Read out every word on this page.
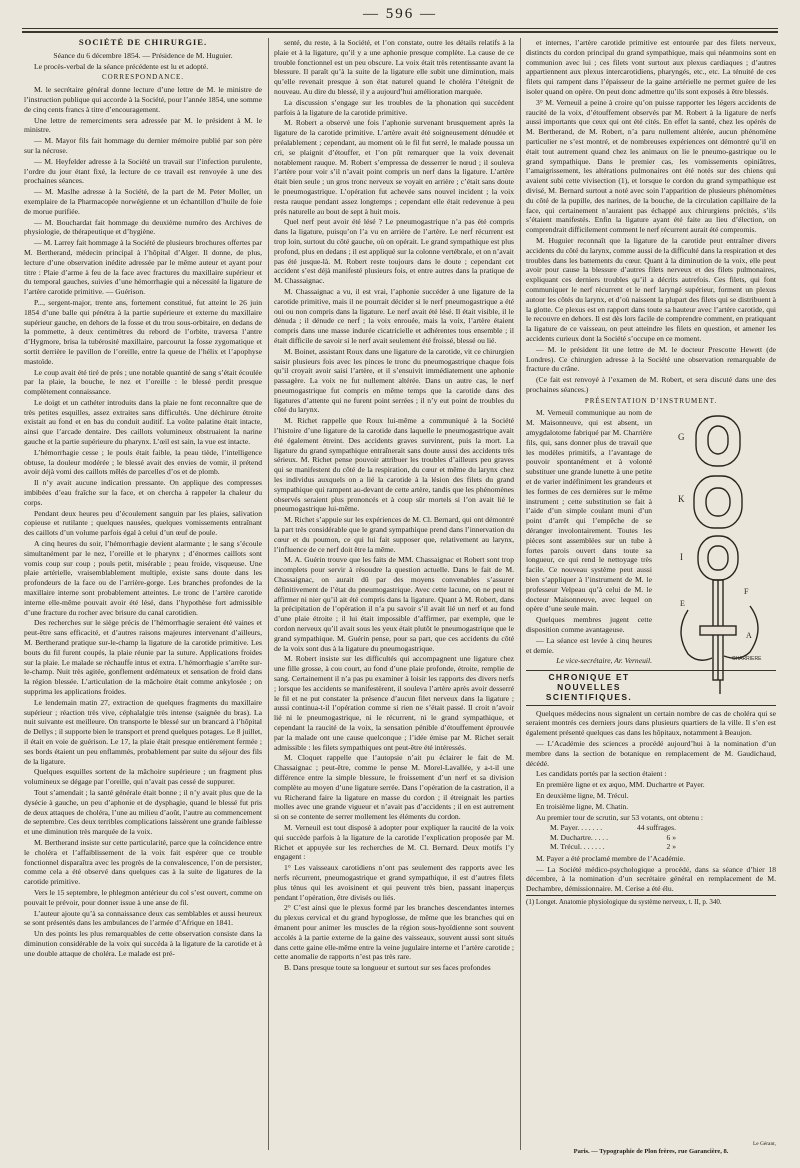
— 596 —
SOCIÉTÉ DE CHIRURGIE.

Séance du 6 décembre 1854. — Présidence de M. Huguier.

Le procès-verbal de la séance précédente est lu et adopté.

CORRESPONDANCE.

M. le secrétaire général donne lecture d’une lettre de M. le ministre de l’instruction publique qui accorde à la Société, pour l’année 1854, une somme de cinq cents francs à titre d’encouragement.

Une lettre de remerciments sera adressée par M. le président à M. le ministre.

— M. Mayor fils fait hommage du dernier mémoire publié par son père sur la nécrose.

— M. Heyfelder adresse à la Société un travail sur l’infection purulente, l’ordre du jour étant fixé, la lecture de ce travail est renvoyée à une des prochaines séances.

— M. Maslhe adresse à la Société, de la part de M. Peter Moller, un exemplaire de la Pharmacopée norwégienne et un échantillon d’huile de foie de morue purifiée.

— M. Bouchardat fait hommage du deuxième numéro des Archives de physiologie, de thérapeutique et d’hygiène.

— M. Larrey fait hommage à la Société de plusieurs brochures offertes par M. Bertherand, médecin principal à l’hôpital d’Alger. Il donne, de plus, lecture d’une observation inédite adressée par le même auteur et ayant pour titre : Plaie d’arme à feu de la face avec fractures du maxillaire supérieur et du temporal gauches, suivies d’une hémorrhagie qui a nécessité la ligature de l’artère carotide primitive. — Guérison.

P..., sergent-major, trente ans, fortement constitué, fut atteint le 26 juin 1854 d’une balle qui pénétra à la partie supérieure et externe du maxillaire supérieur gauche, en dehors de la fosse et du trou sous-orbitaire, en dedans de la pommette, à deux centimètres du rebord de l’orbite, traversa l’antre d’Hygmore, brisa la tubérosité maxillaire, parcourut la fosse zygomatique et sortit derrière le pavillon de l’oreille, entre la queue de l’hélix et l’apophyse mastoïde.

Le coup avait été tiré de près ; une notable quantité de sang s’était écoulée par la plaie, la bouche, le nez et l’oreille : le blessé perdit presque complètement connaissance.

Le doigt et un cathéter introduits dans la plaie ne font reconnaître que de très petites esquilles, assez extraites sans difficultés. Une déchirure étroite existait au fond et en bas du conduit auditif. La voûte palatine était intacte, ainsi que l’arcade dentaire. Des caillots volumineux obstruaient la narine gauche et la partie supérieure du pharynx. L’œil est sain, la vue est intacte.

L’hémorrhagie cesse ; le pouls était faible, la peau tiède, l’intelligence obtuse, la douleur modérée ; le blessé avait des envies de vomir, il prétend avoir déjà vomi des caillots mêlés de parcelles d’os et de plomb.

Il n’y avait aucune indication pressante. On applique des compresses imbibées d’eau fraîche sur la face, et on chercha à rappeler la chaleur du corps.

Pendant deux heures peu d’écoulement sanguin par les plaies, salivation copieuse et rutilante ; quelques nausées, quelques vomissements entraînant des caillots d’un volume parfois égal à celui d’un œuf de poule.

A cinq heures du soir, l’hémorrhagie devient alarmante ; le sang s’écoule simultanément par le nez, l’oreille et le pharynx ; d’énormes caillots sont vomis coup sur coup ; pouls petit, misérable ; peau froide, visqueuse. Une plaie artérielle, vraisemblablement multiple, existe sans doute dans les profondeurs de la face ou de l’arrière-gorge. Les branches profondes de la maxillaire interne sont probablement atteintes. Le tronc de l’artère carotide interne elle-même pouvait avoir été lésé, dans l’hypothèse fort admissible d’une fracture du rocher avec brisure du canal carotidien.

Des recherches sur le siège précis de l’hémorrhagie seraient été vaines et peut-être sans efficacité, et d’autres raisons majeures intervenant d’ailleurs, M. Bertherand pratique sur-le-champ la ligature de la carotide primitive. Les bouts du fil furent coupés, la plaie réunie par la suture. Applications froides sur la plaie. Le malade se réchauffe intus et extra. L’hémorrhagie s’arrête sur-le-champ. Nuit très agitée, gonflement œdémateux et sensation de froid dans la région blessée. L’articulation de la mâchoire était comme ankylosée ; on supprima les applications froides.

Le lendemain matin 27, extraction de quelques fragments du maxillaire supérieur ; réaction très vive, céphalalgie très intense (saignée du bras). La nuit suivante est meilleure. On transporte le blessé sur un brancard à l’hôpital de Dellys ; il supporte bien le transport et prend quelques potages. Le 8 juillet, il était en voie de guérison. Le 17, la plaie était presque entièrement fermée ; ses bords étaient un peu enflammés, probablement par suite du séjour des fils de la ligature.

Quelques esquilles sortent de la mâchoire supérieure ; un fragment plus volumineux se dégage par l’oreille, qui n’avait pas cessé de suppurer.

Tout s’amendait ; la santé générale était bonne ; il n’y avait plus que de la dysécie à gauche, un peu d’aphonie et de dysphagie, quand le blessé fut pris de deux attaques de choléra, l’une au milieu d’août, l’autre au commencement de septembre. Ces deux terribles complications laissèrent une grande faiblesse et une diminution très marquée de la voix.

M. Bertherand insiste sur cette particularité, parce que la coïncidence entre le choléra et l’affaiblissement de la voix fait espérer que ce trouble fonctionnel disparaîtra avec les progrès de la convalescence, l’on de persister, comme cela a été observé dans quelques cas à la suite de ligatures de la carotide primitive.

Vers le 15 septembre, le phlegmon antérieur du col s’est ouvert, comme on pouvait le prévoir, pour donner issue à une anse de fil.

L’auteur ajoute qu’à sa connaissance deux cas semblables et aussi heureux se sont présentés dans les ambulances de l’armée d’Afrique en 1841.

Un des points les plus remarquables de cette observation consiste dans la diminution considérable de la voix qui succéda à la ligature de la carotide et à une double attaque de choléra. Le malade est pré-

senté, du reste, à la Société, et l’on constate, outre les détails relatifs à la plaie et à la ligature, qu’il y a une aphonie presque complète. La cause de ce trouble fonctionnel est un peu obscure. La voix était très retentissante avant la blessure. Il paraît qu’à la suite de la ligature elle subit une diminution, mais qu’elle revenait presque à son état naturel quand le choléra l’éteignit de nouveau. Au dire du blessé, il y a aujourd’hui amélioration marquée.

La discussion s’engage sur les troubles de la phonation qui succèdent parfois à la ligature de la carotide primitive.

M. Robert a observé une fois l’aphonie survenant brusquement après la ligature de la carotide primitive. L’artère avait été soigneusement dénudée et préalablement ; cependant, au moment où le fil fut serré, le malade poussa un cri, se plaignit d’étouffer, et l’on pût remarquer que la voix devenait notablement rauque. M. Robert s’empressa de desserrer le nœud ; il souleva l’artère pour voir s’il n’avait point compris un nerf dans la ligature. L’artère était bien seule ; un gros tronc nerveux se voyait en arrière ; c’était sans doute le pneumogastrique. L’opération fut achevée sans nouvel incident ; la voix resta rauque pendant assez longtemps ; cependant elle était redevenue à peu près naturelle au bout de sept à huit mois.

Quel nerf peut avoir été lésé ? Le pneumogastrique n’a pas été compris dans la ligature, puisqu’on l’a vu en arrière de l’artère. Le nerf récurrent est trop loin, surtout du côté gauche, où on opérait. Le grand sympathique est plus profond, plus en dedans ; il est appliqué sur la colonne vertébrale, et on n’avait pas été jusque-là. M. Robert reste toujours dans le doute ; cependant cet accident s’est déjà manifesté plusieurs fois, et entre autres dans la pratique de M. Chassaignac.

M. Chassaignac a vu, il est vrai, l’aphonie succéder à une ligature de la carotide primitive, mais il ne pourrait décider si le nerf pneumogastrique a été oui ou non compris dans la ligature. Le nerf avait été lésé. Il était visible, il le dénuda ; il dénude ce nerf ; la voix enrouée, mais la voix, l’artère étaient compris dans une masse indurée cicatricielle et adhérentes tous ensemble ; il était difficile de savoir si le nerf avait seulement été froissé, blessé ou lié.

M. Boinet, assistant Roux dans une ligature de la carotide, vit ce chirurgien saisir plusieurs fois avec les pinces le tronc du pneumogastrique chaque fois qu’il croyait avoir saisi l’artère, et il s’ensuivit immédiatement une aphonie passagère. La voix ne fut nullement altérée. Dans un autre cas, le nerf pneumogastrique fut compris en même temps que la carotide dans des ligatures d’attente qui ne furent point serrées ; il n’y eut point de troubles du côté du larynx.

M. Richet rappelle que Roux lui-même a communiqué à la Société l’histoire d’une ligature de la carotide dans laquelle le pneumogastrique avait été également étreint. Des accidents graves survinrent, puis la mort. La ligature du grand sympathique entraînerait sans doute aussi des accidents très sérieux. M. Richet pense pouvoir attribuer les troubles d’ailleurs peu graves qui se manifestent du côté de la respiration, du cœur et même du larynx chez les individus auxquels on a lié la carotide à la lésion des filets du grand sympathique qui rampent au-devant de cette artère, tandis que les phénomènes observés seraient plus prononcés et à coup sûr mortels si l’on avait lié le pneumogastrique lui-même.

M. Richet s’appuie sur les expériences de M. Cl. Bernard, qui ont démontré la part très considérable que le grand sympathique prend dans l’innervation du cœur et du poumon, ce qui lui fait supposer que, relativement au larynx, l’influence de ce nerf doit être la même.

M. A. Guérin trouve que les faits de MM. Chassaignac et Robert sont trop incomplets pour servir à résoudre la question actuelle. Dans le fait de M. Chassaignac, on aurait dû par des moyens convenables s’assurer définitivement de l’état du pneumogastrique. Avec cette lacune, on ne peut ni affirmer ni nier qu’il ait été compris dans la ligature. Quant à M. Robert, dans la précipitation de l’opération il n’a pu savoir s’il avait lié un nerf et au fond d’une plaie étroite ; il lui était impossible d’affirmer, par exemple, que le cordon nerveux qu’il avait sous les yeux était plutôt le pneumogastrique que le grand sympathique. M. Guérin pense, pour sa part, que ces accidents du côté de la voix sont dus à la ligature du pneumogastrique.

M. Robert insiste sur les difficultés qui accompagnent une ligature chez une fille grosse, à cou court, au fond d’une plaie profonde, étroite, remplie de sang. Certainement il n’a pas pu examiner à loisir les rapports des divers nerfs ; lorsque les accidents se manifestèrent, il souleva l’artère après avoir desserré le fil et ne put constater la présence d’aucun filet nerveux dans la ligature ; aussi continua-t-il l’opération comme si rien ne s’était passé. Il croit n’avoir lié ni le pneumogastrique, ni le récurrent, ni le grand sympathique, et cependant la raucité de la voix, la sensation pénible d’étouffement éprouvée par la malade ont une cause quelconque ; l’idée émise par M. Richet serait admissible : les filets sympathiques ont peut-être été intéressés.

M. Cloquet rappelle que l’autopsie n’ait pu éclairer le fait de M. Chassaignac ; peut-être, comme le pense M. Morel-Lavallée, y a-t-il une différence entre la simple blessure, le froissement d’un nerf et sa division complète au moyen d’une ligature serrée. Dans l’opération de la castration, il a vu Richerand faire la ligature en masse du cordon ; il étreignait les parties molles avec une grande vigueur et n’avait pas d’accidents ; il en est autrement si on se contente de serrer mollement les éléments du cordon.

M. Verneuil est tout disposé à adopter pour expliquer la raucité de la voix qui succède parfois à la ligature de la carotide l’explication proposée par M. Richet et appuyée sur les recherches de M. Cl. Bernard. Deux motifs l’y engagent :

1° Les vaisseaux carotidiens n’ont pas seulement des rapports avec les nerfs récurrent, pneumogastrique et grand sympathique, il est d’autres filets plus ténus qui les avoisinent et qui peuvent très bien, passant inaperçus pendant l’opération, être divisés ou liés.

2° C’est ainsi que le plexus formé par les branches descendantes internes du plexus cervical et du grand hypoglosse, de même que les branches qui en émanent pour animer les muscles de la région sous-hyoïdienne sont souvent accolés à la partie externe de la gaine des vaisseaux, souvent aussi sont situés dans cette gaine elle-même entre la veine jugulaire interne et l’artère carotide ; cette anomalie de rapports n’est pas très rare.

B. Dans presque toute sa longueur et surtout sur ses faces profondes

et internes, l’artère carotide primitive est entourée par des filets nerveux, distincts du cordon principal du grand sympathique, mais qui néanmoins sont en communion avec lui ; ces filets vont surtout aux plexus cardiaques ; d’autres appartiennent aux plexus intercarotidiens, pharyngés, etc., etc. La ténuité de ces filets qui rampent dans l’épaisseur de la gaine artérielle ne permet guère de les isoler quand on opère. On peut donc admettre qu’ils sont exposés à être blessés.

3° M. Verneuil a peine à croire qu’on puisse rapporter les légers accidents de raucité de la voix, d’étouffement observés par M. Robert à la ligature de nerfs aussi importants que ceux qui ont été cités. En effet la santé, chez les opérés de M. Bertherand, de M. Robert, n’a paru nullement altérée, aucun phénomène particulier ne s’est montré, et de nombreuses expériences ont démontré qu’il en était tout autrement quand chez les animaux on lie le pneumo-gastrique ou le grand sympathique. Dans le premier cas, les vomissements opiniâtres, l’amaigrissement, les altérations pulmonaires ont été notés sur des chiens qui avaient subi cette vivisection (1), et lorsque le cordon du grand sympathique est divisé, M. Bernard surtout a noté avec soin l’apparition de plusieurs phénomènes du côté de la pupille, des narines, de la bouche, de la circulation capillaire de la face, qui certainement n’auraient pas échappé aux chirurgiens précités, s’ils s’étaient manifestés. Enfin la ligature ayant été faite au lieu d’élection, on comprendrait difficilement comment le nerf récurrent aurait été compromis.

M. Huguier reconnaît que la ligature de la carotide peut entraîner divers accidents du côté du larynx, comme aussi de la difficulté dans la respiration et des troubles dans les battements du cœur. Quant à la diminution de la voix, elle peut avoir pour cause la blessure d’autres filets nerveux et des filets pulmonaires, expliquant ces derniers troubles qu’il a décrits autrefois. Ces filets, qui font communiquer le nerf récurrent et le nerf laryngé supérieur, forment un plexus autour les côtés du larynx, et d’où naissent la plupart des filets qui se distribuent à la glotte. Ce plexus est en rapport dans toute sa hauteur avec l’artère carotide, qui le recouvre en dehors. Il est dès lors facile de comprendre comment, en pratiquant la ligature de ce vaisseau, on peut atteindre les filets en question, et amener les accidents curieux dont la Société s’occupe en ce moment.

— M. le président lit une lettre de M. le docteur Prescotte Hewett (de Londres). Ce chirurgien adresse à la Société une observation remarquable de fracture du crâne.

(Ce fait est renvoyé à l’examen de M. Robert, et sera discuté dans une des prochaines séances.)

PRÉSENTATION D’INSTRUMENT.
G
K
I
F
A
E
CHARRIERE

M. Verneuil communique au nom de M. Maisonneuve, qui est absent, un amygdalotome fabriqué par M. Charrière fils, qui, sans donner plus de travail que les modèles primitifs, a l’avantage de pouvoir spontanément et à volonté substituer une grande lunette à une petite et de varier indéfiniment les grandeurs et les formes de ces dernières sur le même instrument ; cette substitution se fait à l’aide d’un simple coulant muni d’un point d’arrêt qui l’empêche de se déranger involontairement. Toutes les pièces sont assemblées sur un tube à fortes parois ouvert dans toute sa longueur, ce qui rend le nettoyage très facile. Ce nouveau système peut aussi bien s’appliquer à l’instrument de M. le professeur Velpeau qu’à celui de M. le docteur Maisonneuve, avec lequel on opère d’une seule main.

Quelques membres jugent cette disposition comme avantageuse.

— La séance est levée à cinq heures et demie.

Le vice-secrétaire, Ar. Verneuil.

CHRONIQUE ET NOUVELLES SCIENTIFIQUES.

Quelques médecins nous signalent un certain nombre de cas de choléra qui se seraient montrés ces derniers jours dans plusieurs quartiers de la ville. Il s’en est également présenté quelques cas dans les hôpitaux, notamment à Beaujon.

— L’Académie des sciences a procédé aujourd’hui à la nomination d’un membre dans la section de botanique en remplacement de M. Gaudichaud, décédé.

Les candidats portés par la section étaient :

En première ligne et ex æquo, MM. Duchartre et Payer.

En deuxième ligne, M. Trécul.

En troisième ligne, M. Chatin.

Au premier tour de scrutin, sur 53 votants, ont obtenu :

M. Payer. . . . . . .	44 suffrages.
M. Duchartre. . . . .	6 »
M. Trécul. . . . . . .	2 »

M. Payer a été proclamé membre de l’Académie.

— La Société médico-psychologique a procédé, dans sa séance d’hier 18 décembre, à la nomination d’un secrétaire général en remplacement de M. Dechambre, démissionnaire. M. Cerise a été élu.

(1) Longet. Anatomie physiologique du système nerveux, t. II, p. 340.

Le Gérant,
Paris. — Typographie de Plon frères, rue Garancière, 8.
